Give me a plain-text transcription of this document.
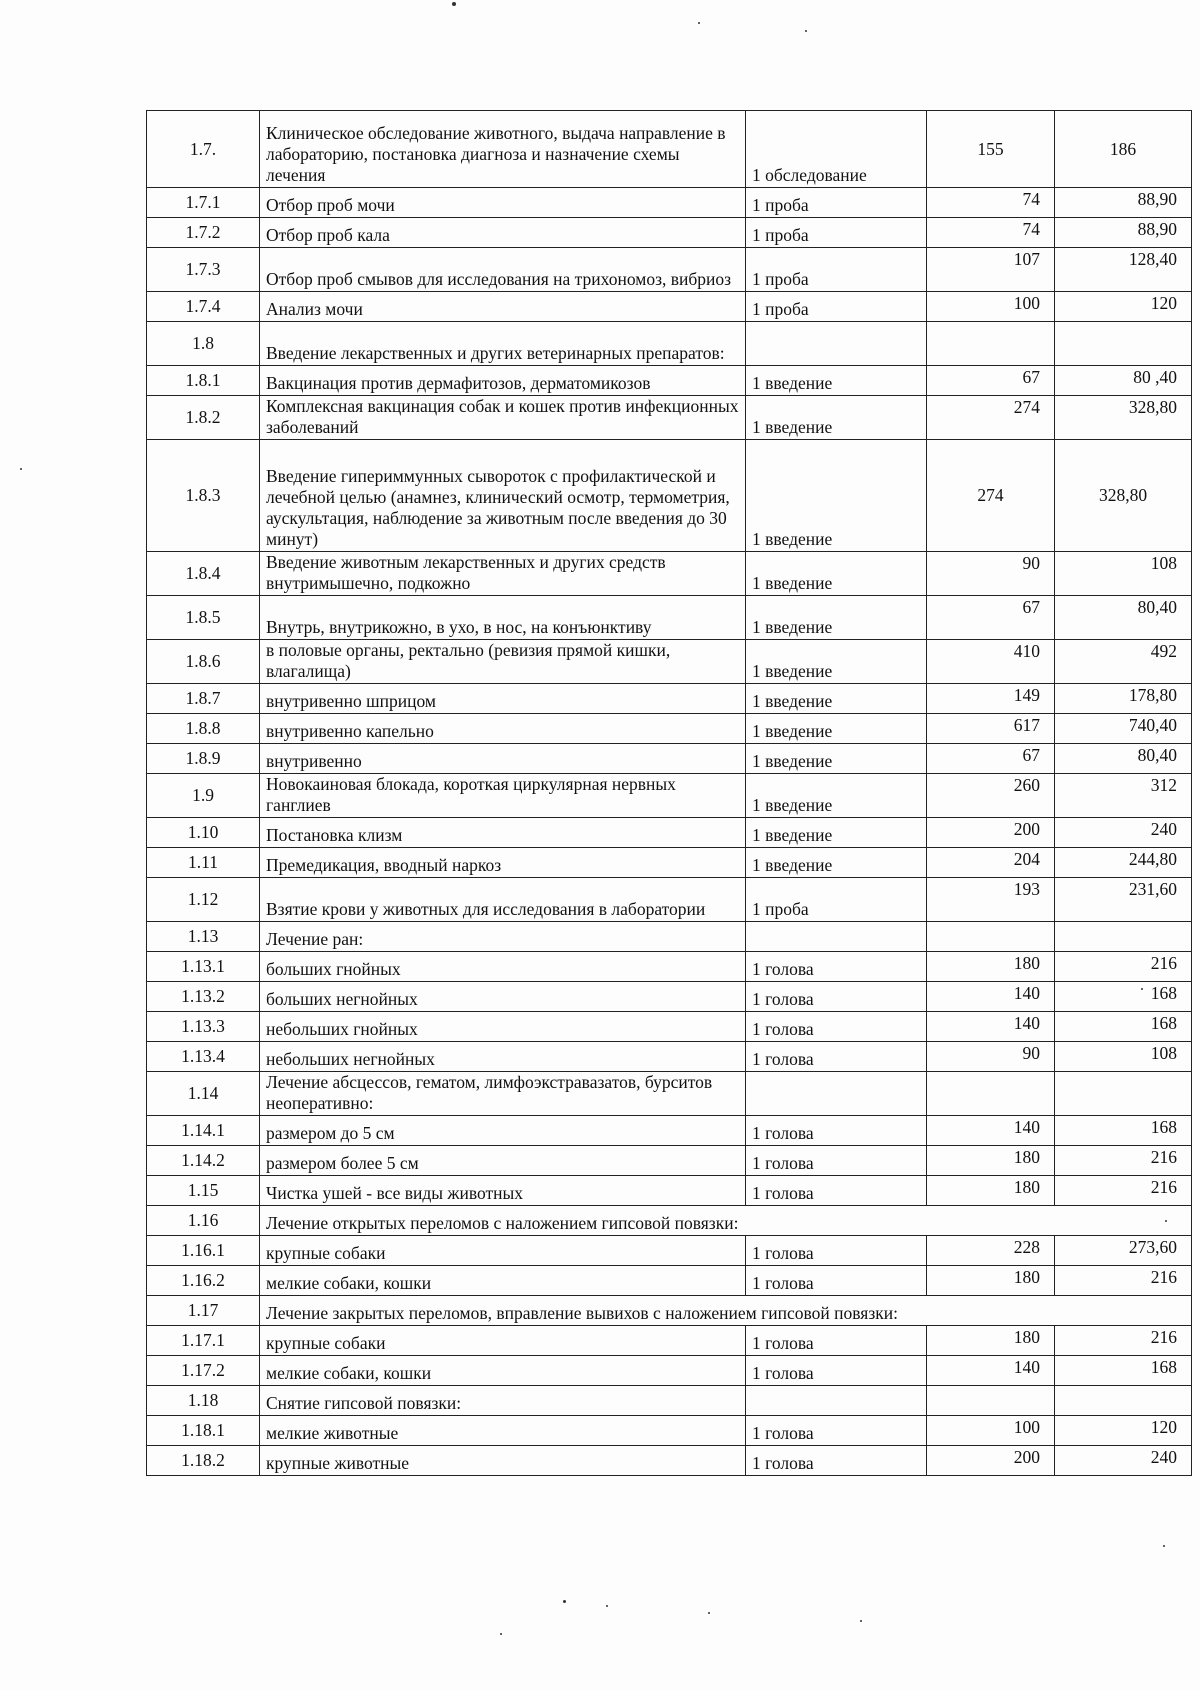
1.7.	Клиническое обследование животного, выдача направление в лабораторию, постановка диагноза и назначение схемы лечения	1 обследование	155	186
1.7.1	Отбор проб мочи	1 проба	74	88,90
1.7.2	Отбор проб кала	1 проба	74	88,90
1.7.3	Отбор проб смывов для исследования на трихономоз, вибриоз	1 проба	107	128,40
1.7.4	Анализ мочи	1 проба	100	120
1.8	Введение лекарственных и других ветеринарных препаратов:			
1.8.1	Вакцинация против дермафитозов, дерматомикозов	1 введение	67	80 ,40
1.8.2	Комплексная вакцинация собак и кошек против инфекционных заболеваний	1 введение	274	328,80
1.8.3	Введение гипериммунных сывороток с профилактической и лечебной целью (анамнез, клинический осмотр, термометрия, аускультация, наблюдение за животным после введения до 30 минут)	1 введение	274	328,80
1.8.4	Введение животным лекарственных и других средств внутримышечно, подкожно	1 введение	90	108
1.8.5	Внутрь, внутрикожно, в ухо, в нос, на конъюнктиву	1 введение	67	80,40
1.8.6	в половые органы, ректально (ревизия прямой кишки, влагалища)	1 введение	410	492
1.8.7	внутривенно шприцом	1 введение	149	178,80
1.8.8	внутривенно капельно	1 введение	617	740,40
1.8.9	внутривенно	1 введение	67	80,40
1.9	Новокаиновая блокада, короткая циркулярная нервных ганглиев	1 введение	260	312
1.10	Постановка клизм	1 введение	200	240
1.11	Премедикация, вводный наркоз	1 введение	204	244,80
1.12	Взятие крови у животных для исследования в лаборатории	1 проба	193	231,60
1.13	Лечение ран:			
1.13.1	больших гнойных	1 голова	180	216
1.13.2	больших негнойных	1 голова	140	168
1.13.3	небольших гнойных	1 голова	140	168
1.13.4	небольших негнойных	1 голова	90	108
1.14	Лечение абсцессов, гематом, лимфоэкстравазатов, бурситов неоперативно:			
1.14.1	размером до 5 см	1 голова	140	168
1.14.2	размером более 5 см	1 голова	180	216
1.15	Чистка ушей - все виды животных	1 голова	180	216
1.16	Лечение открытых переломов с наложением гипсовой повязки:			
1.16.1	крупные собаки	1 голова	228	273,60
1.16.2	мелкие собаки, кошки	1 голова	180	216
1.17	Лечение закрытых переломов, вправление вывихов с наложением гипсовой повязки:			
1.17.1	крупные собаки	1 голова	180	216
1.17.2	мелкие собаки, кошки	1 голова	140	168
1.18	Снятие гипсовой повязки:			
1.18.1	мелкие животные	1 голова	100	120
1.18.2	крупные животные	1 голова	200	240
